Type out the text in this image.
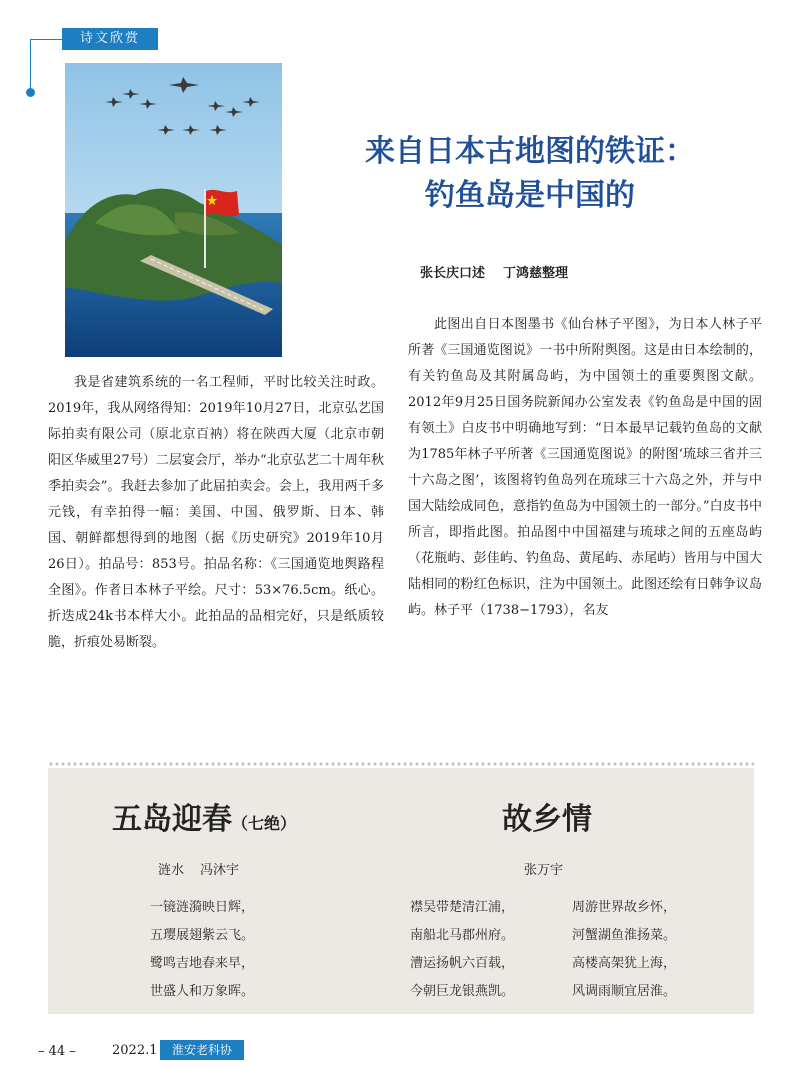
诗文欣赏
来自日本古地图的铁证：
钓鱼岛是中国的
张长庆口述 丁鸿慈整理
此图出自日本图墨书《仙台林子平图》，为日本人林子平所著《三国通览图说》一书中所附舆图。这是由日本绘制的，有关钓鱼岛及其附属岛屿，为中国领土的重要舆图文献。2012年9月25日国务院新闻办公室发表《钓鱼岛是中国的固有领土》白皮书中明确地写到：“日本最早记载钓鱼岛的文献为1785年林子平所著《三国通览图说》的附图‘琉球三省并三十六岛之图’，该图将钓鱼岛列在琉球三十六岛之外，并与中国大陆绘成同色，意指钓鱼岛为中国领土的一部分。”白皮书中所言，即指此图。拍品图中中国福建与琉球之间的五座岛屿（花瓶屿、彭佳屿、钓鱼岛、黄尾屿、赤尾屿）皆用与中国大陆相同的粉红色标识，注为中国领土。此图还绘有日韩争议岛屿。林子平（1738−1793），名友
我是省建筑系统的一名工程师，平时比较关注时政。2019年，我从网络得知：2019年10月27日，北京弘艺国际拍卖有限公司（原北京百衲）将在陕西大厦（北京市朝阳区华威里27号）二层宴会厅，举办“北京弘艺二十周年秋季拍卖会”。我赶去参加了此届拍卖会。会上，我用两千多元钱，有幸拍得一幅：美国、中国、俄罗斯、日本、韩国、朝鲜都想得到的地图（据《历史研究》2019年10月26日）。拍品号：853号。拍品名称：《三国通览地舆路程全图》。作者日本林子平绘。尺寸：53×76.5cm。纸心。折迭成24k书本样大小。此拍品的品相完好，只是纸质较脆，折痕处易断裂。
五岛迎春（七绝）
涟水 冯沐宇
一镜涟漪映日辉，
五璎展翅紫云飞。
鹭鸣吉地春来早，
世盛人和万象晖。
故乡情
张万宇
襟吴带楚清江浦，
南船北马郡州府。
漕运扬帆六百载，
今朝巨龙银燕凯。
周游世界故乡怀，
河蟹湖鱼淮扬菜。
高楼高架犹上海，
风调雨顺宜居淮。
– 44 –	2022.1	淮安老科协
